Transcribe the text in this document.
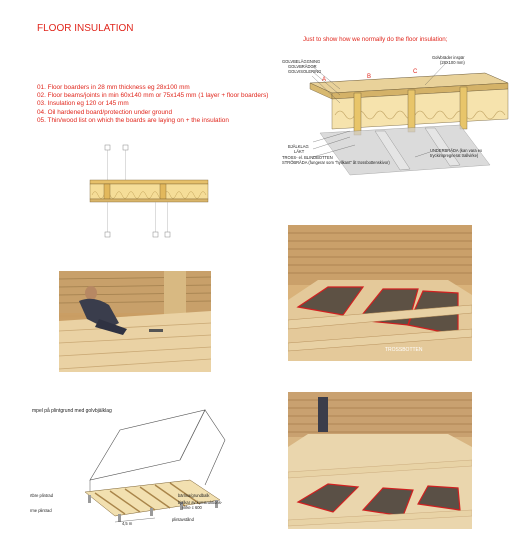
FLOOR INSULATION
Just to show how we normally do the floor insulation;
01. Floor boarders in 28 mm thickness eg 28x100 mm
02. Floor beams/joints in min 60x140 mm or 75x145 mm (1 layer + floor boarders)
03. Insulation eg 120 or 145 mm
04. Oil hardened board/protection under ground
05. Thin/wood list on which the boards are laying on + the insulation
A	B
C
GOLVBELÄGGNING
GOLVBRÄDOR
GOLVISOLERING
Golvbräder inspär
(28X100 mm)
BJÄLKLAG
LÄKT
TROSS- el. BLINDBOTTEN
STRÖBRÄDA (fungerar som "hyllkant" åt trossbottenskivor)
UNDERBRÄDA (kan vara ex
tryckimpregnerat trallvirke)
TROSSBOTTEN
mpel på plintgrund med golvbjälklag
rtbre plintrad
rme plintrad
bärlina/grundbalk
bjälkar av konstruktions-
virke c 600
plintavstånd
4,5 m
